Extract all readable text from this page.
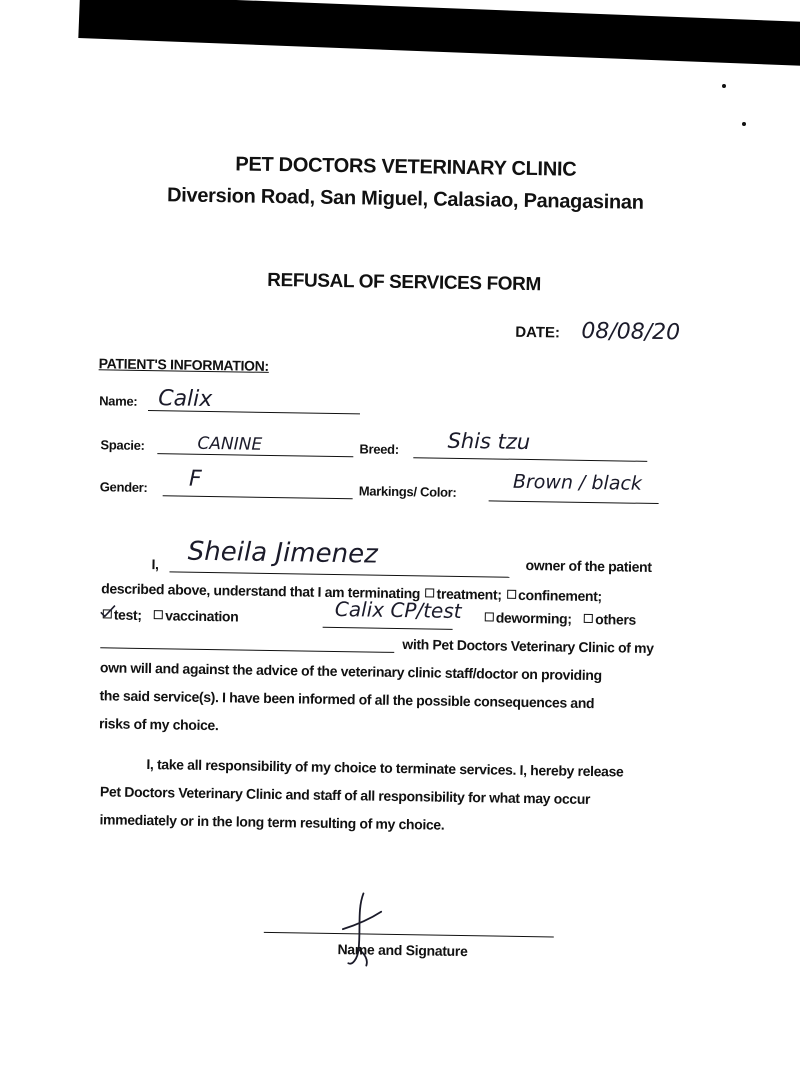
PET DOCTORS VETERINARY CLINIC
Diversion Road, San Miguel, Calasiao, Panagasinan
REFUSAL OF SERVICES FORM
DATE: 08/08/20
PATIENT'S INFORMATION:
Name: Calix
Spacie:	CANINE	Breed: Shis tzu
Gender: F	Markings/ Color:	Brown / black
I, Sheila Jimenez	owner of the patient
described above, understand that I am terminating treatment; confinement;
test; vaccination	Calix CP/test	deworming; others
with Pet Doctors Veterinary Clinic of my
own will and against the advice of the veterinary clinic staff/doctor on providing
the said service(s). I have been informed of all the possible consequences and
risks of my choice.
I, take all responsibility of my choice to terminate services. I, hereby release
Pet Doctors Veterinary Clinic and staff of all responsibility for what may occur
immediately or in the long term resulting of my choice.
Name and Signature
